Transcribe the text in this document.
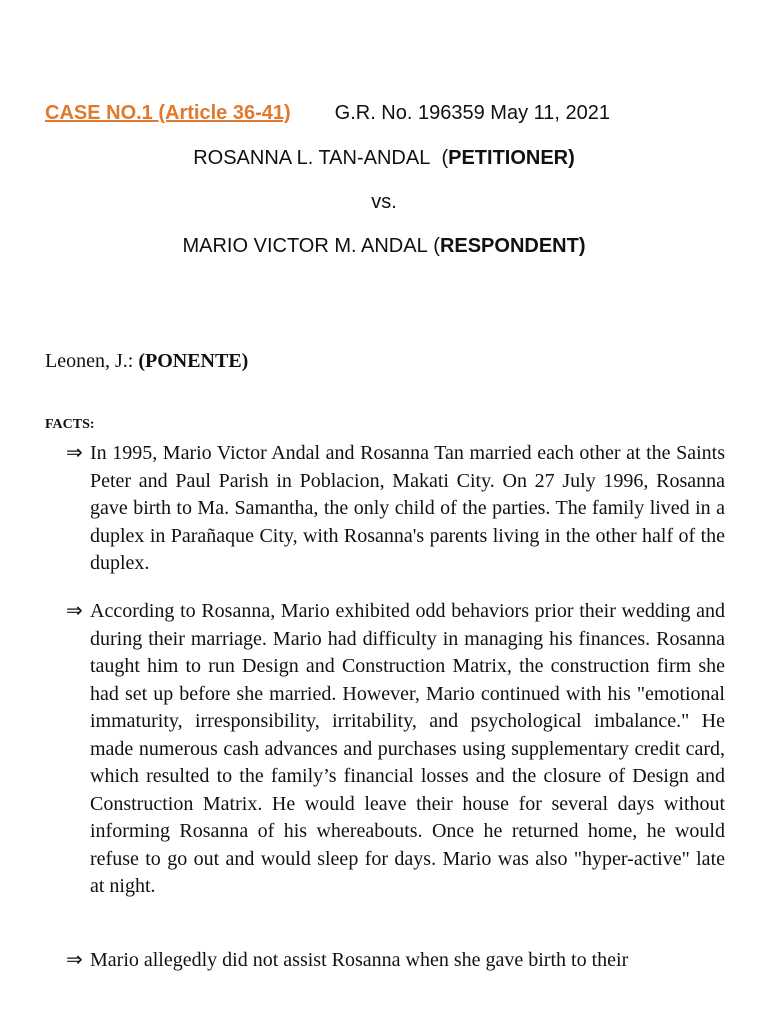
CASE NO.1 (Article 36-41) G.R. No. 196359 May 11, 2021
ROSANNA L. TAN-ANDAL  (PETITIONER)
vs.
MARIO VICTOR M. ANDAL (RESPONDENT)
Leonen, J.: (PONENTE)
FACTS:
⇒ In 1995, Mario Victor Andal and Rosanna Tan married each other at the Saints Peter and Paul Parish in Poblacion, Makati City. On 27 July 1996, Rosanna gave birth to Ma. Samantha, the only child of the parties. The family lived in a duplex in Parañaque City, with Rosanna's parents living in the other half of the duplex.

⇒ According to Rosanna, Mario exhibited odd behaviors prior their wedding and during their marriage. Mario had difficulty in managing his finances. Rosanna taught him to run Design and Construction Matrix, the construction firm she had set up before she married. However, Mario continued with his "emotional immaturity, irresponsibility, irritability, and psychological imbalance." He made numerous cash advances and purchases using supplementary credit card, which resulted to the family’s financial losses and the closure of Design and Construction Matrix. He would leave their house for several days without informing Rosanna of his whereabouts. Once he returned home, he would refuse to go out and would sleep for days. Mario was also "hyper-active" late at night.

⇒ Mario allegedly did not assist Rosanna when she gave birth to their
